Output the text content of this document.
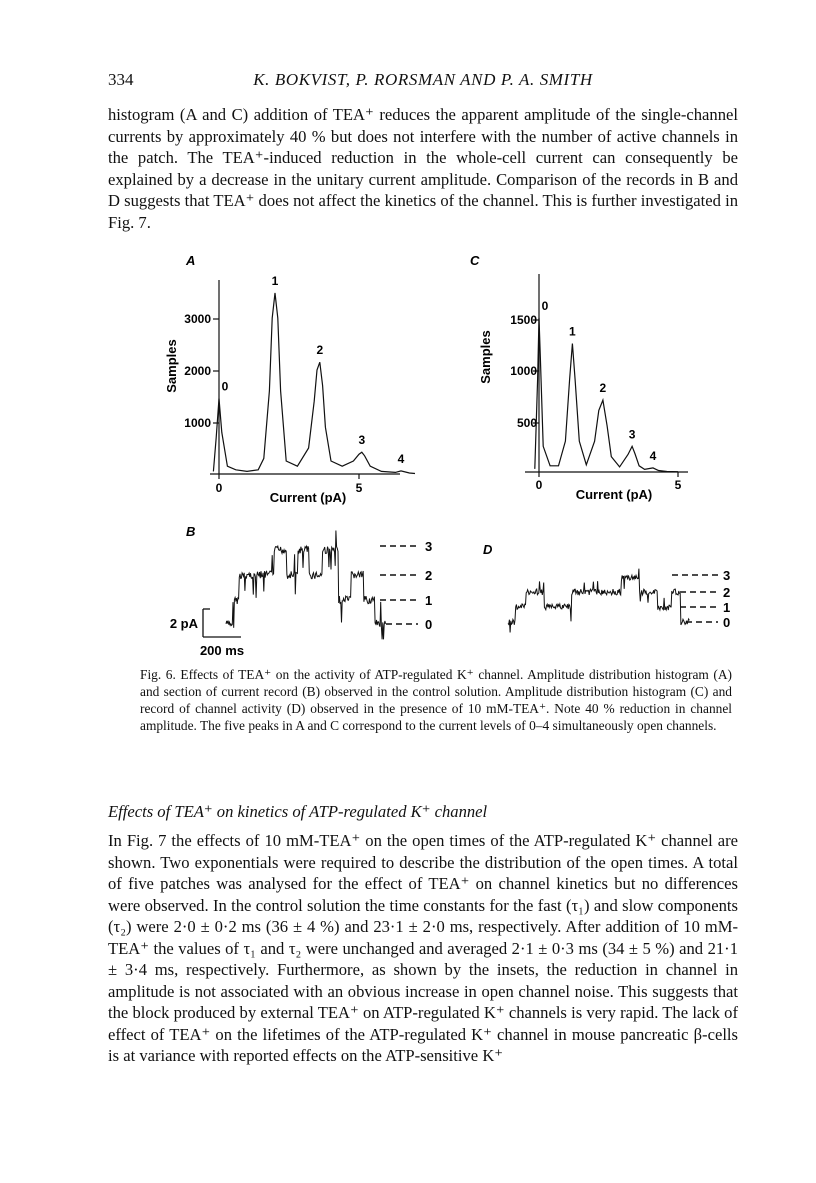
334	K. BOKVIST, P. RORSMAN AND P. A. SMITH

histogram (A and C) addition of TEA⁺ reduces the apparent amplitude of the single-channel currents by approximately 40 % but does not interfere with the number of active channels in the patch. The TEA⁺-induced reduction in the whole-cell current can consequently be explained by a decrease in the unitary current amplitude. Comparison of the records in B and D suggests that TEA⁺ does not affect the kinetics of the channel. This is further investigated in Fig. 7.

A	C
B
D
Samples
3000
2000
1000
0	5
Current (pA)
0
1
2
3
4
Samples
1500
1000
500
0	5
Current (pA)
0
1
2
3
4
3
2
1
0
2 pA
200 ms
3
2
1
0

Fig. 6. Effects of TEA⁺ on the activity of ATP-regulated K⁺ channel. Amplitude distribution histogram (A) and section of current record (B) observed in the control solution. Amplitude distribution histogram (C) and record of channel activity (D) observed in the presence of 10 mM-TEA⁺. Note 40 % reduction in channel amplitude. The five peaks in A and C correspond to the current levels of 0–4 simultaneously open channels.

Effects of TEA⁺ on kinetics of ATP-regulated K⁺ channel

In Fig. 7 the effects of 10 mM-TEA⁺ on the open times of the ATP-regulated K⁺ channel are shown. Two exponentials were required to describe the distribution of the open times. A total of five patches was analysed for the effect of TEA⁺ on channel kinetics but no differences were observed. In the control solution the time constants for the fast (τ₁) and slow components (τ₂) were 2·0 ± 0·2 ms (36 ± 4 %) and 23·1 ± 2·0 ms, respectively. After addition of 10 mM-TEA⁺ the values of τ₁ and τ₂ were unchanged and averaged 2·1 ± 0·3 ms (34 ± 5 %) and 21·1 ± 3·4 ms, respectively. Furthermore, as shown by the insets, the reduction in channel in amplitude is not associated with an obvious increase in open channel noise. This suggests that the block produced by external TEA⁺ on ATP-regulated K⁺ channels is very rapid. The lack of effect of TEA⁺ on the lifetimes of the ATP-regulated K⁺ channel in mouse pancreatic β-cells is at variance with reported effects on the ATP-sensitive K⁺
